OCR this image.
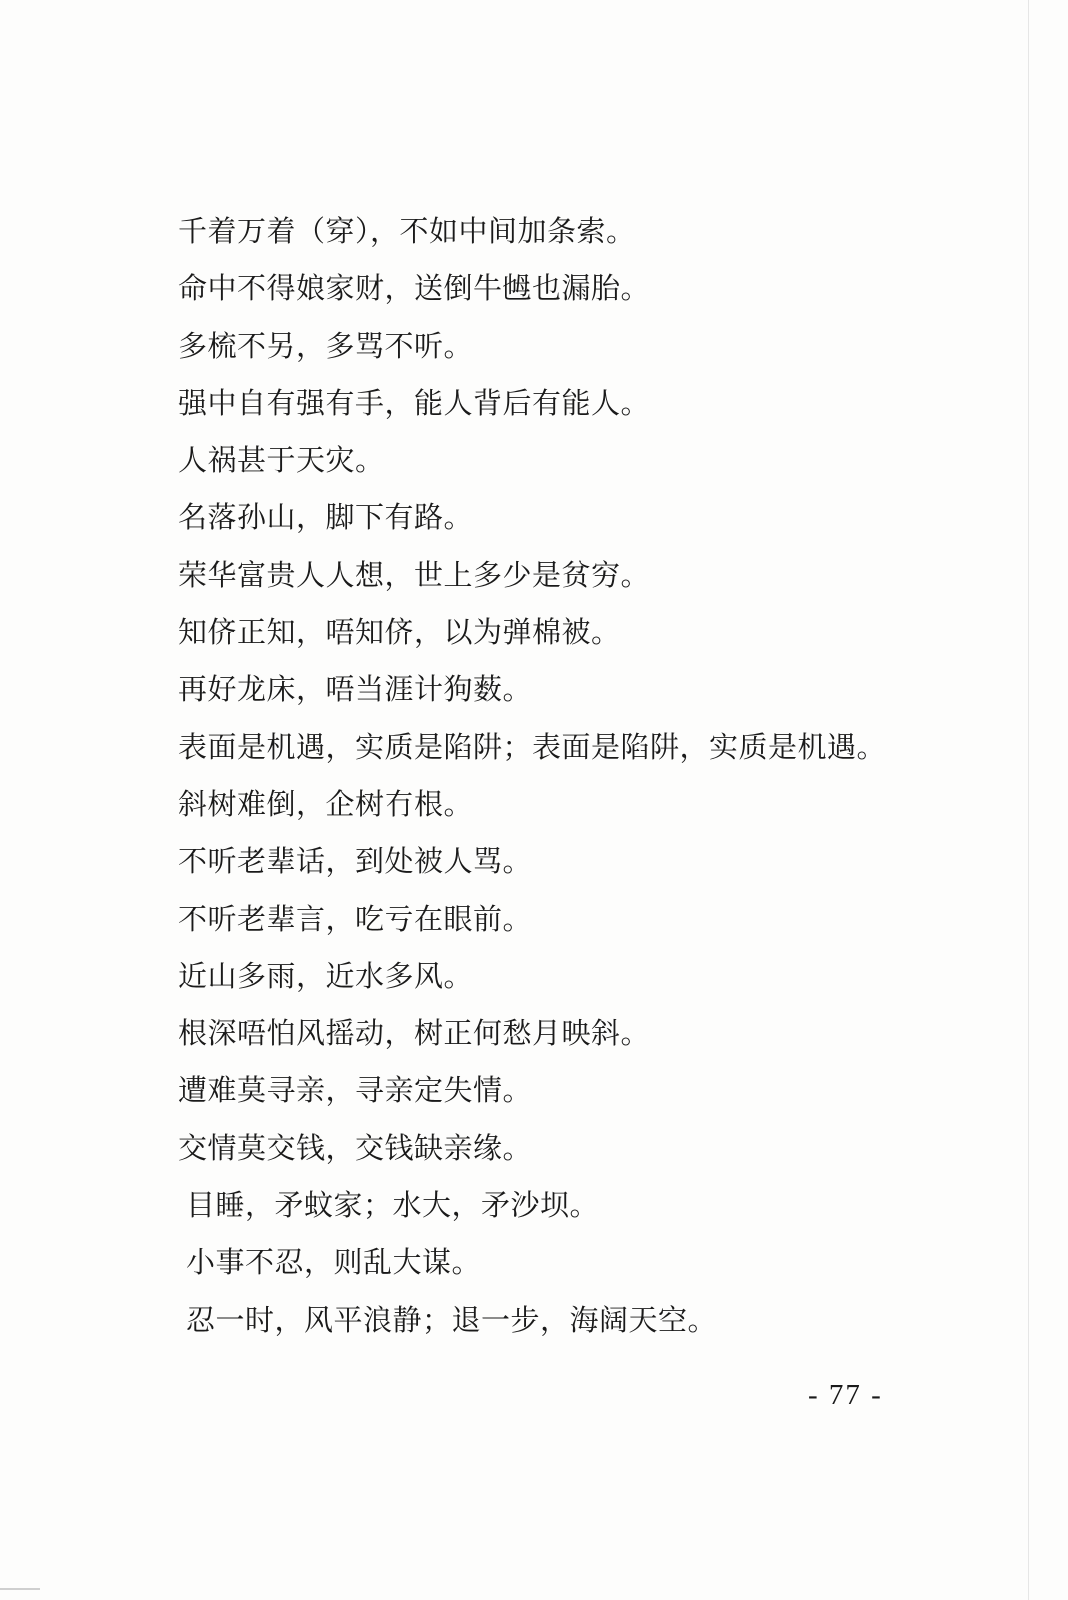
千着万着（穿），不如中间加条索。
命中不得娘家财，送倒牛乸也漏胎。
多梳不另，多骂不听。
强中自有强有手，能人背后有能人。
人祸甚于天灾。
名落孙山，脚下有路。
荣华富贵人人想，世上多少是贫穷。
知侪正知，唔知侪，以为弹棉被。
再好龙床，唔当涯计狗薮。
表面是机遇，实质是陷阱；表面是陷阱，实质是机遇。
斜树难倒，企树冇根。
不听老辈话，到处被人骂。
不听老辈言，吃亏在眼前。
近山多雨，近水多风。
根深唔怕风摇动，树正何愁月映斜。
遭难莫寻亲，寻亲定失情。
交情莫交钱，交钱缺亲缘。
目睡，矛蚊家；水大，矛沙坝。
小事不忍，则乱大谋。
忍一时，风平浪静；退一步，海阔天空。
- 77 -
